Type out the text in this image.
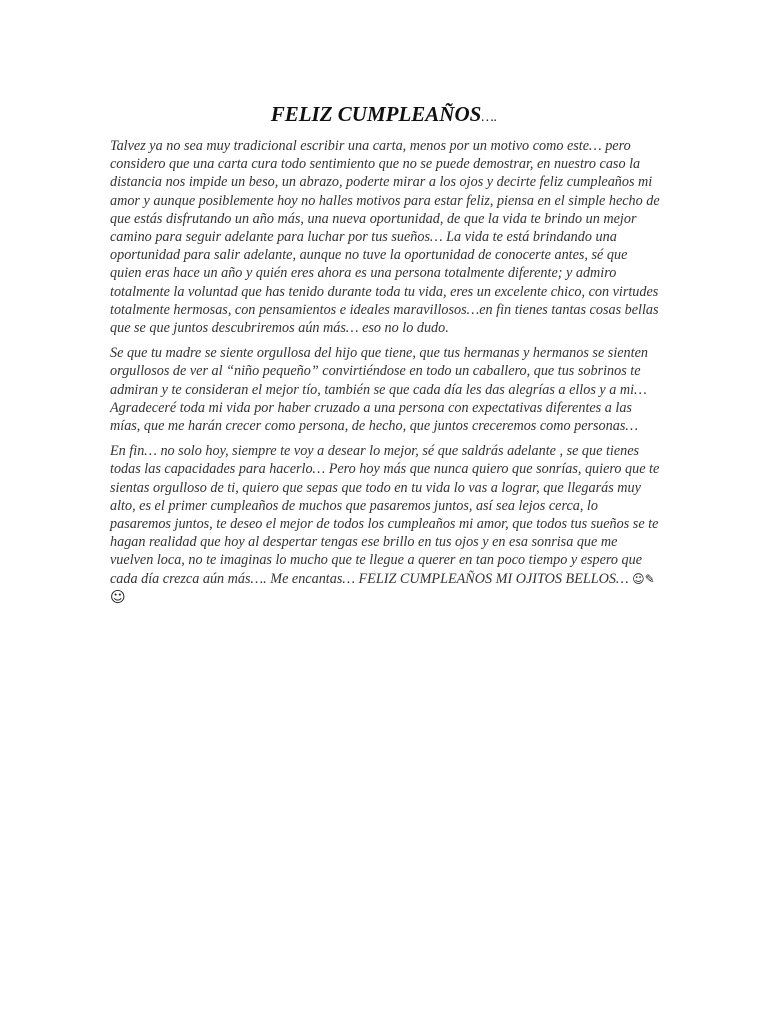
FELIZ CUMPLEAÑOS….

Talvez ya no sea muy tradicional escribir una carta, menos por un motivo como este… pero considero que una carta cura todo sentimiento que no se puede demostrar, en nuestro caso la distancia nos impide un beso, un abrazo, poderte mirar a los ojos y decirte feliz cumpleaños mi amor y aunque posiblemente hoy no halles motivos para estar feliz, piensa en el simple hecho de que estás disfrutando un año más, una nueva oportunidad, de que la vida te brindo un mejor camino para seguir adelante para luchar por tus sueños… La vida te está brindando una oportunidad para salir adelante, aunque no tuve la oportunidad de conocerte antes, sé que quien eras hace un año y quién eres ahora es una persona totalmente diferente; y admiro totalmente la voluntad que has tenido durante toda tu vida, eres un excelente chico, con virtudes totalmente hermosas, con pensamientos e ideales maravillosos…en fin tienes tantas cosas bellas que se que juntos descubriremos aún más… eso no lo dudo.

Se que tu madre se siente orgullosa del hijo que tiene, que tus hermanas y hermanos se sienten orgullosos de ver al “niño pequeño” convirtiéndose en todo un caballero, que tus sobrinos te admiran y te consideran el mejor tío, también se que cada día les das alegrías a ellos y a mi… Agradeceré toda mi vida por haber cruzado a una persona con expectativas diferentes a las mías, que me harán crecer como persona, de hecho, que juntos creceremos como personas…

En fin… no solo hoy, siempre te voy a desear lo mejor, sé que saldrás adelante , se que tienes todas las capacidades para hacerlo… Pero hoy más que nunca quiero que sonrías, quiero que te sientas orgulloso de ti, quiero que sepas que todo en tu vida lo vas a lograr, que llegarás muy alto, es el primer cumpleaños de muchos que pasaremos juntos, así sea lejos cerca, lo pasaremos juntos, te deseo el mejor de todos los cumpleaños mi amor, que todos tus sueños se te hagan realidad que hoy al despertar tengas ese brillo en tus ojos y en esa sonrisa que me vuelven loca, no te imaginas lo mucho que te llegue a querer en tan poco tiempo y espero que cada día crezca aún más…. Me encantas… FELIZ CUMPLEAÑOS MI OJITOS BELLOS… ☺✎☺
